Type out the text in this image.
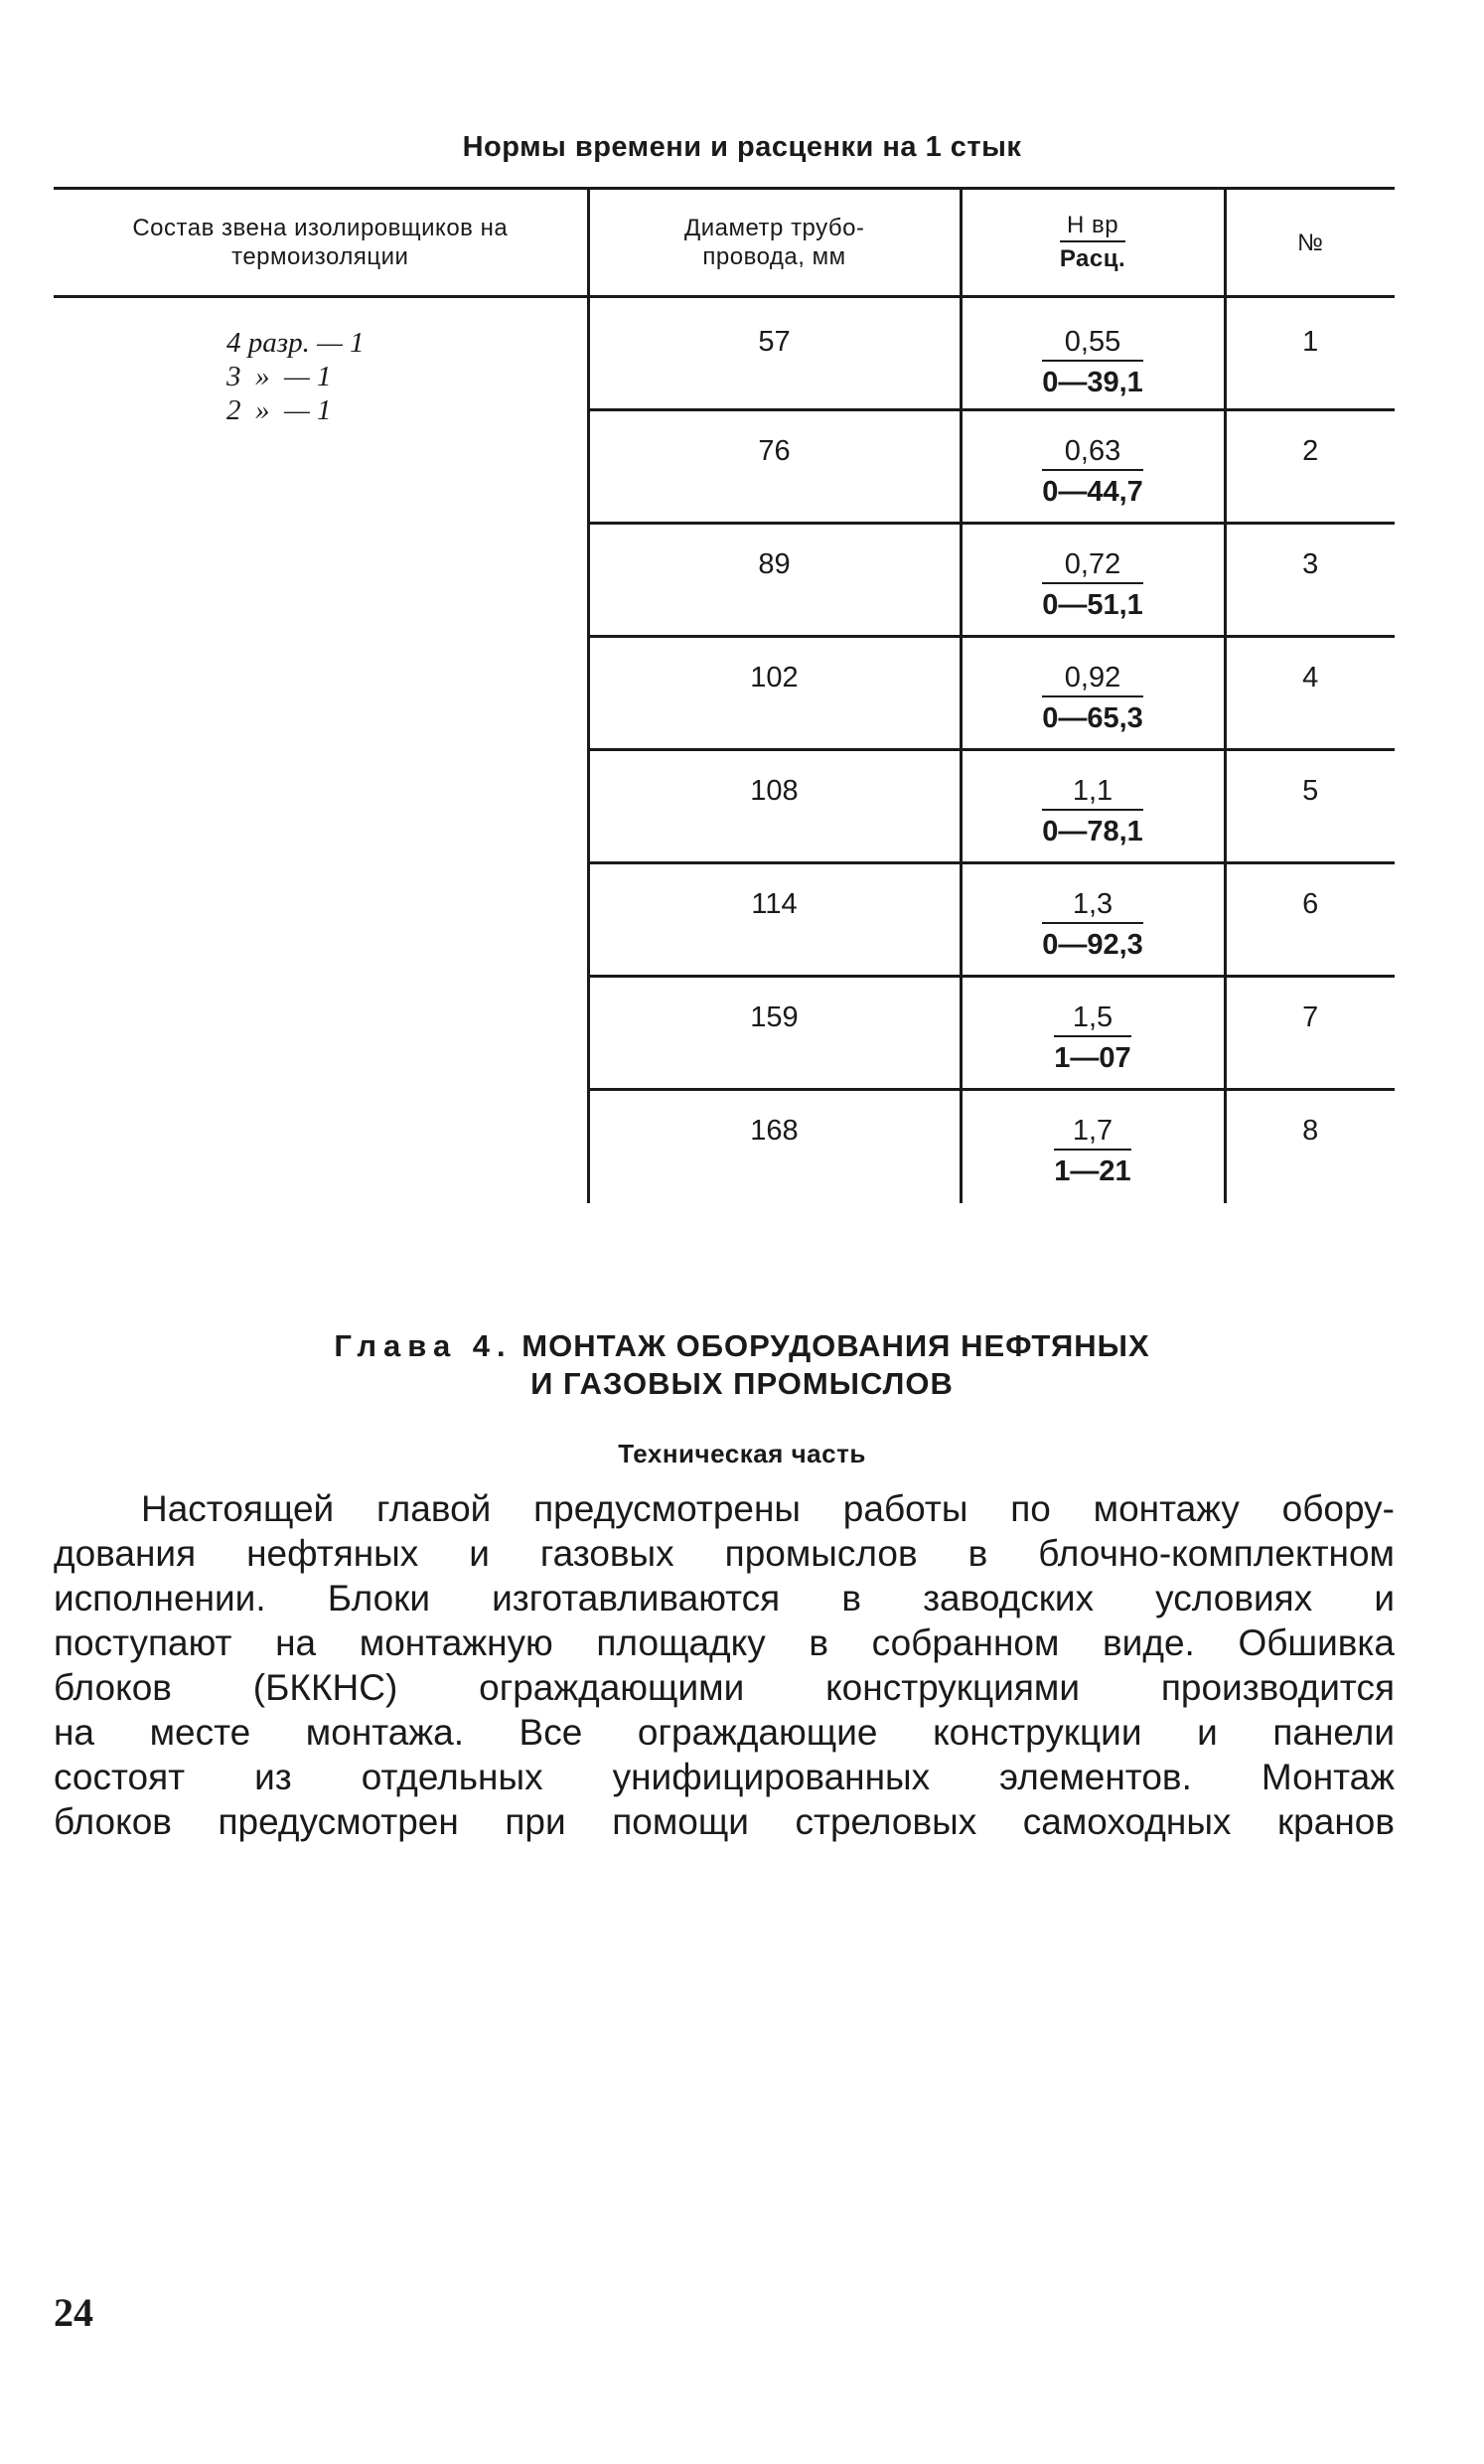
Нормы времени и расценки на 1 стык
Состав звена изолировщиков на термоизоляции	Диаметр трубопровода, мм	$\frac{\text{Н вр}}{\text{Расц.}}$	№

4 разр. — 1
3  »  — 1
2  »  — 1	57	$\frac{0,55}{0—39,1}$	1
	76	$\frac{0,63}{0—44,7}$	2
	89	$\frac{0,72}{0—51,1}$	3
	102	$\frac{0,92}{0—65,3}$	4
	108	$\frac{1,1}{0—78,1}$	5
	114	$\frac{1,3}{0—92,3}$	6
	159	$\frac{1,5}{1—07}$	7
	168	$\frac{1,7}{1—21}$	8
Глава 4. МОНТАЖ ОБОРУДОВАНИЯ НЕФТЯНЫХ
И ГАЗОВЫХ ПРОМЫСЛОВ
Техническая часть
Настоящей главой предусмотрены работы по монтажу обору-
дования нефтяных и газовых промыслов в блочно-комплектном
исполнении. Блоки изготавливаются в заводских условиях и
поступают на монтажную площадку в собранном виде. Обшивка
блоков (БККНС) ограждающими конструкциями производится
на месте монтажа. Все ограждающие конструкции и панели
состоят из отдельных унифицированных элементов. Монтаж
блоков предусмотрен при помощи стреловых самоходных кранов
24
